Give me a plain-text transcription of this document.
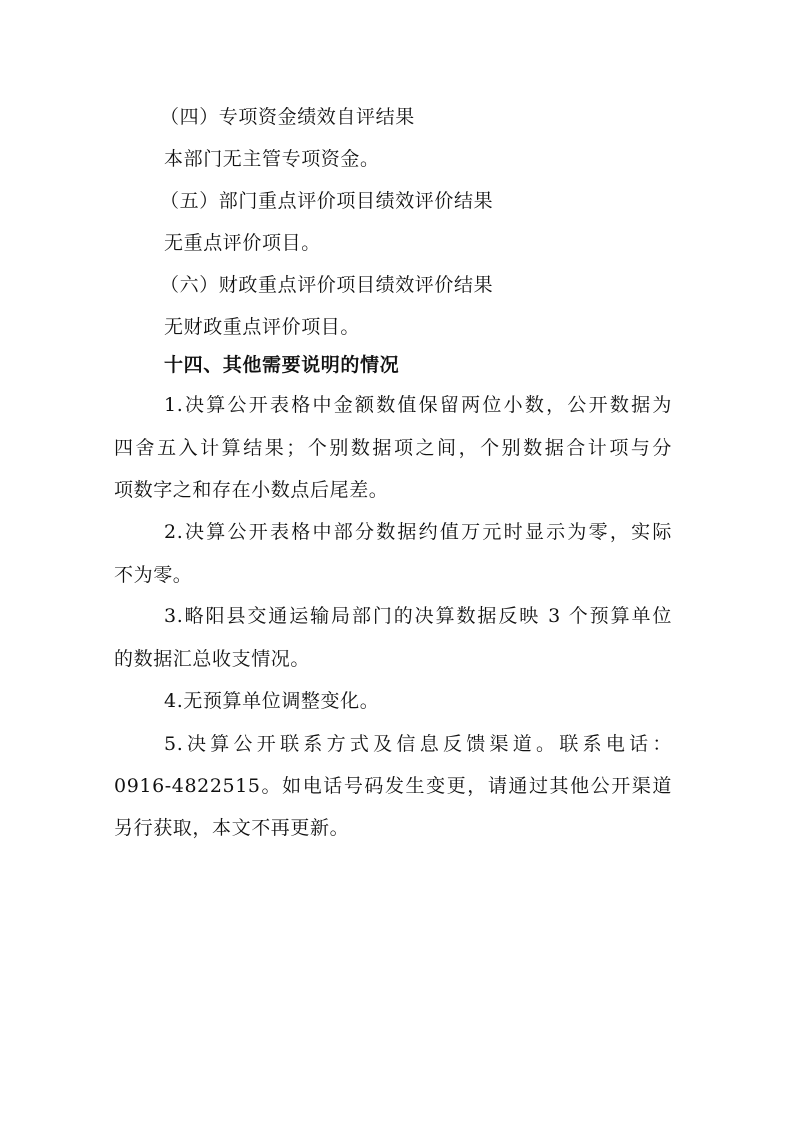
（四）专项资金绩效自评结果
本部门无主管专项资金。
（五）部门重点评价项目绩效评价结果
无重点评价项目。
（六）财政重点评价项目绩效评价结果
无财政重点评价项目。
十四、其他需要说明的情况
1.决算公开表格中金额数值保留两位小数，公开数据为
四舍五入计算结果；个别数据项之间，个别数据合计项与分
项数字之和存在小数点后尾差。
2.决算公开表格中部分数据约值万元时显示为零，实际
不为零。
3.略阳县交通运输局部门的决算数据反映 3 个预算单位
的数据汇总收支情况。
4.无预算单位调整变化。
5.决算公开联系方式及信息反馈渠道。联系电话：
0916-4822515。如电话号码发生变更，请通过其他公开渠道
另行获取，本文不再更新。
